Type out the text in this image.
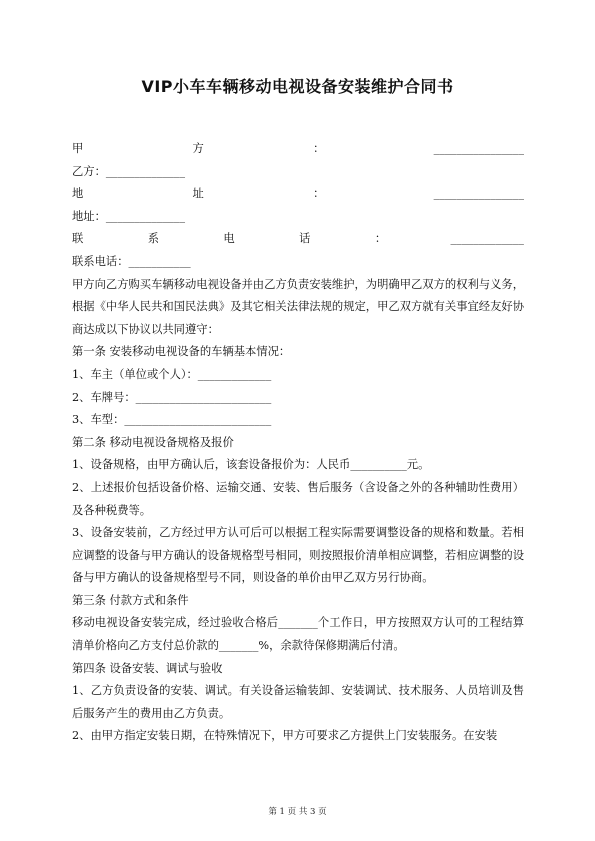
VIP小车车辆移动电视设备安装维护合同书
甲	方	：	________________
乙方：______________
地	址	：	________________
地址：______________
联	系	电	话	：	_____________
联系电话：___________
甲方向乙方购买车辆移动电视设备并由乙方负责安装维护，为明确甲乙双方的权利与义务，根据《中华人民共和国民法典》及其它相关法律法规的规定，甲乙双方就有关事宜经友好协商达成以下协议以共同遵守：
第一条 安装移动电视设备的车辆基本情况：
1、车主（单位或个人）：_____________
2、车牌号：________________________
3、车型：__________________________
第二条 移动电视设备规格及报价
1、设备规格，由甲方确认后，该套设备报价为：人民币__________元。
2、上述报价包括设备价格、运输交通、安装、售后服务（含设备之外的各种辅助性费用）及各种税费等。
3、设备安装前，乙方经过甲方认可后可以根据工程实际需要调整设备的规格和数量。若相应调整的设备与甲方确认的设备规格型号相同，则按照报价清单相应调整，若相应调整的设备与甲方确认的设备规格型号不同，则设备的单价由甲乙双方另行协商。
第三条 付款方式和条件
移动电视设备安装完成，经过验收合格后_______个工作日，甲方按照双方认可的工程结算清单价格向乙方支付总价款的_______%，余款待保修期满后付清。
第四条 设备安装、调试与验收
1、乙方负责设备的安装、调试。有关设备运输装卸、安装调试、技术服务、人员培训及售后服务产生的费用由乙方负责。
2、由甲方指定安装日期，在特殊情况下，甲方可要求乙方提供上门安装服务。在安装
第 1 页 共 3 页
